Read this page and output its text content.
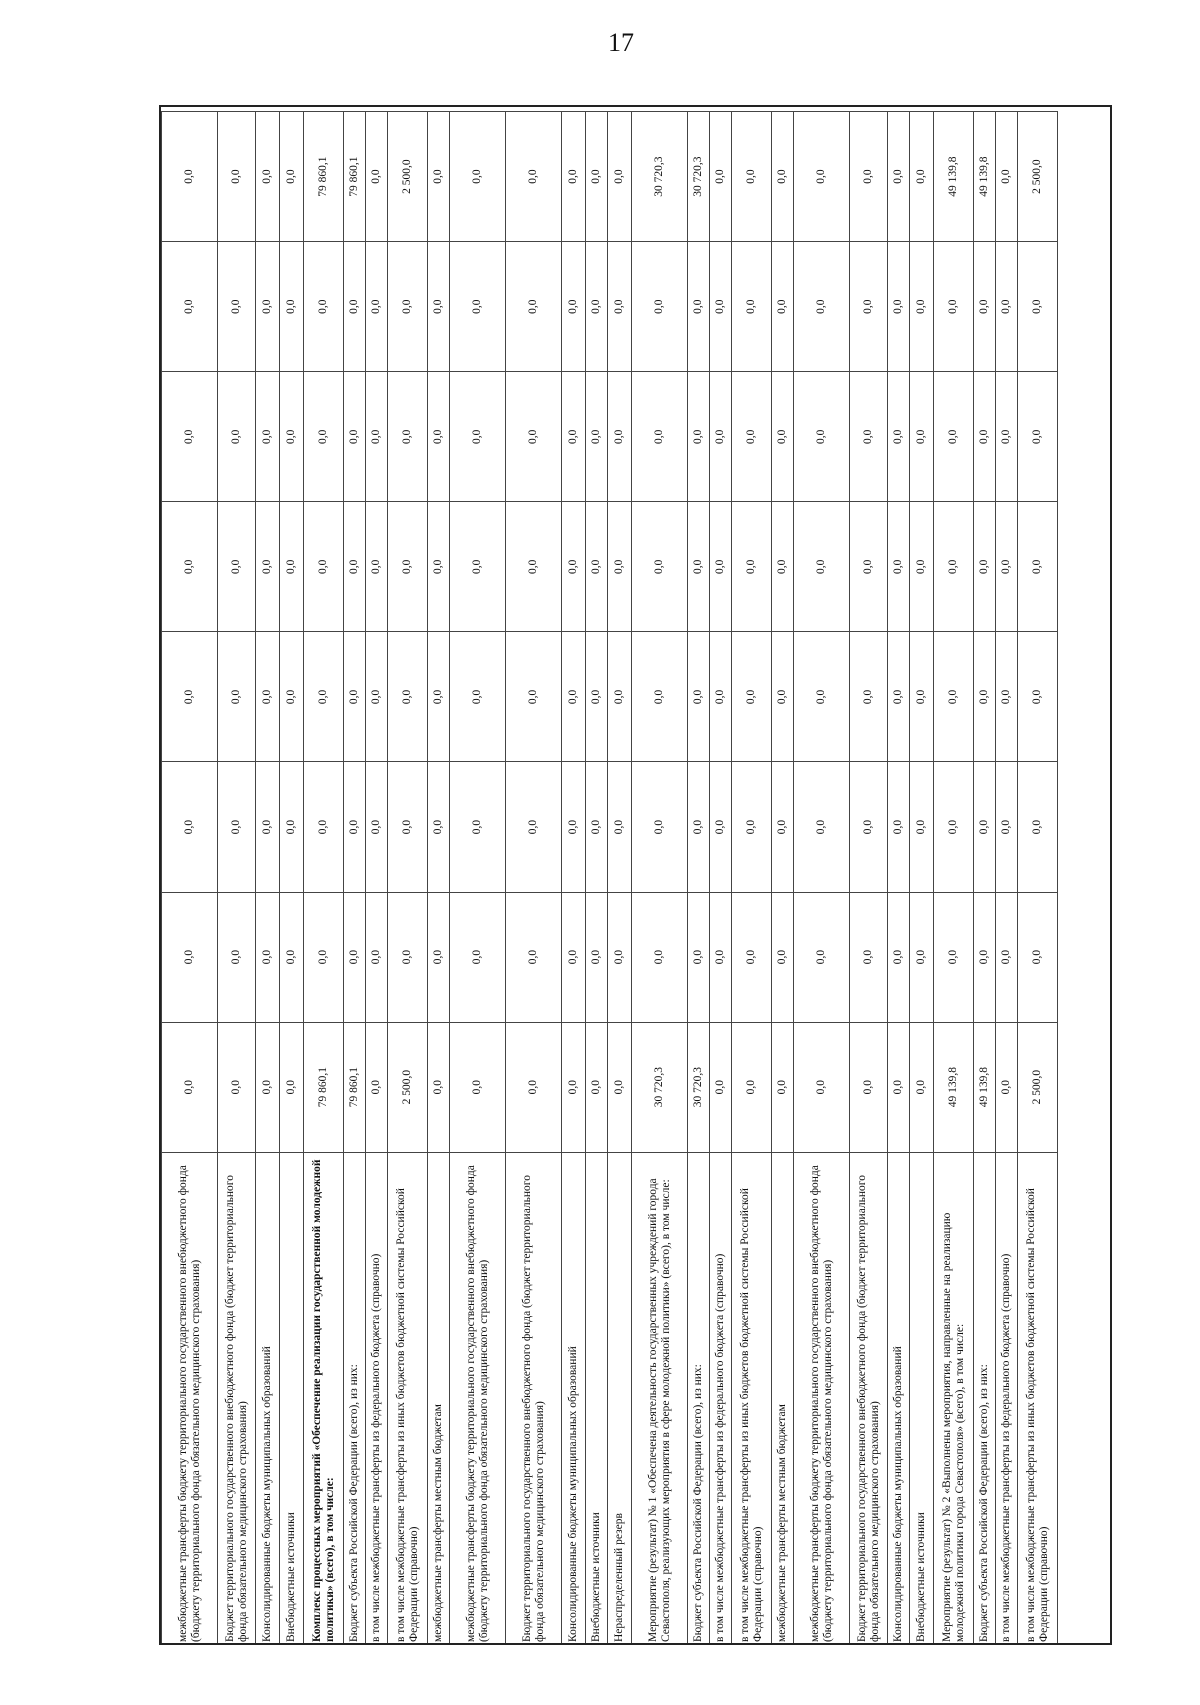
17
межбюджетные трансферты бюджету территориального государственного внебюджетного фонда (бюджету территориального фонда обязательного медицинского страхования)	0,0	0,0	0,0	0,0	0,0	0,0	0,0	0,0
Бюджет территориального государственного внебюджетного фонда (бюджет территориального фонда обязательного медицинского страхования)	0,0	0,0	0,0	0,0	0,0	0,0	0,0	0,0
Консолидированные бюджеты муниципальных образований	0,0	0,0	0,0	0,0	0,0	0,0	0,0	0,0
Внебюджетные источники	0,0	0,0	0,0	0,0	0,0	0,0	0,0	0,0
Комплекс процессных мероприятий «Обеспечение реализации государственной молодежной политики» (всего), в том числе:	79 860,1	0,0	0,0	0,0	0,0	0,0	0,0	79 860,1
Бюджет субъекта Российской Федерации (всего), из них:	79 860,1	0,0	0,0	0,0	0,0	0,0	0,0	79 860,1
в том числе межбюджетные трансферты из федерального бюджета (справочно)	0,0	0,0	0,0	0,0	0,0	0,0	0,0	0,0
в том числе межбюджетные трансферты из иных бюджетов бюджетной системы Российской Федерации (справочно)	2 500,0	0,0	0,0	0,0	0,0	0,0	0,0	2 500,0
межбюджетные трансферты местным бюджетам	0,0	0,0	0,0	0,0	0,0	0,0	0,0	0,0
межбюджетные трансферты бюджету территориального государственного внебюджетного фонда (бюджету территориального фонда обязательного медицинского страхования)	0,0	0,0	0,0	0,0	0,0	0,0	0,0	0,0
Бюджет территориального государственного внебюджетного фонда (бюджет территориального фонда обязательного медицинского страхования)	0,0	0,0	0,0	0,0	0,0	0,0	0,0	0,0
Консолидированные бюджеты муниципальных образований	0,0	0,0	0,0	0,0	0,0	0,0	0,0	0,0
Внебюджетные источники	0,0	0,0	0,0	0,0	0,0	0,0	0,0	0,0
Нераспределенный резерв	0,0	0,0	0,0	0,0	0,0	0,0	0,0	0,0
Мероприятие (результат) № 1 «Обеспечена деятельность государственных учреждений города Севастополя, реализующих мероприятия в сфере молодежной политики» (всего), в том числе:	30 720,3	0,0	0,0	0,0	0,0	0,0	0,0	30 720,3
Бюджет субъекта Российской Федерации (всего), из них:	30 720,3	0,0	0,0	0,0	0,0	0,0	0,0	30 720,3
в том числе межбюджетные трансферты из федерального бюджета (справочно)	0,0	0,0	0,0	0,0	0,0	0,0	0,0	0,0
в том числе межбюджетные трансферты из иных бюджетов бюджетной системы Российской Федерации (справочно)	0,0	0,0	0,0	0,0	0,0	0,0	0,0	0,0
межбюджетные трансферты местным бюджетам	0,0	0,0	0,0	0,0	0,0	0,0	0,0	0,0
межбюджетные трансферты бюджету территориального государственного внебюджетного фонда (бюджету территориального фонда обязательного медицинского страхования)	0,0	0,0	0,0	0,0	0,0	0,0	0,0	0,0
Бюджет территориального государственного внебюджетного фонда (бюджет территориального фонда обязательного медицинского страхования)	0,0	0,0	0,0	0,0	0,0	0,0	0,0	0,0
Консолидированные бюджеты муниципальных образований	0,0	0,0	0,0	0,0	0,0	0,0	0,0	0,0
Внебюджетные источники	0,0	0,0	0,0	0,0	0,0	0,0	0,0	0,0
Мероприятие (результат) № 2 «Выполнены мероприятия, направленные на реализацию молодежной политики города Севастополя» (всего), в том числе:	49 139,8	0,0	0,0	0,0	0,0	0,0	0,0	49 139,8
Бюджет субъекта Российской Федерации (всего), из них:	49 139,8	0,0	0,0	0,0	0,0	0,0	0,0	49 139,8
в том числе межбюджетные трансферты из федерального бюджета (справочно)	0,0	0,0	0,0	0,0	0,0	0,0	0,0	0,0
в том числе межбюджетные трансферты из иных бюджетов бюджетной системы Российской Федерации (справочно)	2 500,0	0,0	0,0	0,0	0,0	0,0	0,0	2 500,0
